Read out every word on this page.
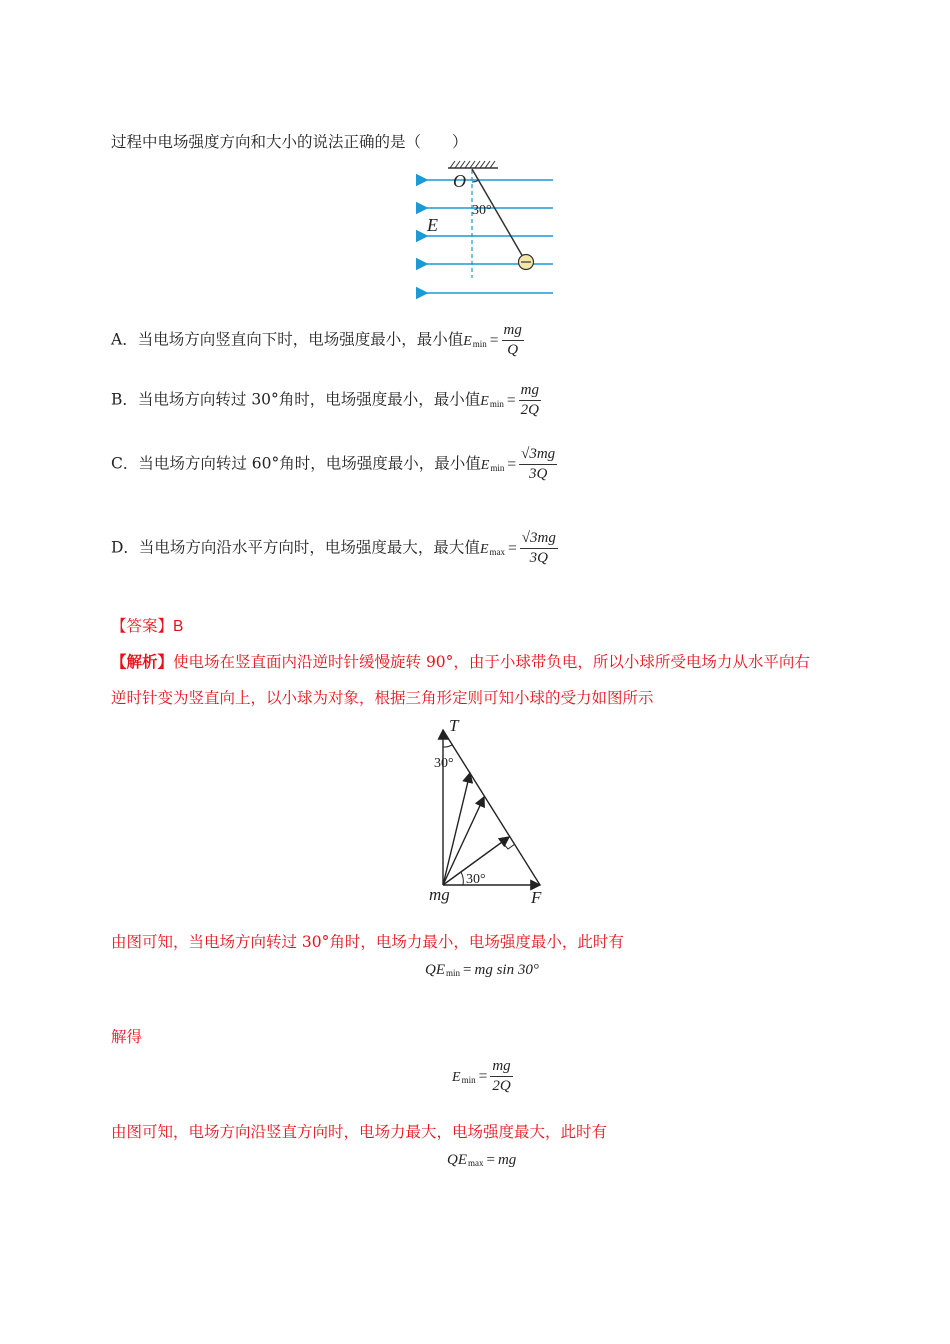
过程中电场强度方向和大小的说法正确的是（　　）
O
30°
E
A．当电场方向竖直向下时，电场强度最小，最小值$E_{min} = \frac{mg}{Q}$
B．当电场方向转过 30°角时，电场强度最小，最小值$E_{min} = \frac{mg}{2Q}$
C．当电场方向转过 60°角时，电场强度最小，最小值$E_{min} = \frac{√3mg}{3Q}$
D．当电场方向沿水平方向时，电场强度最大，最大值$E_{max} = \frac{√3mg}{3Q}$
【答案】B
【解析】使电场在竖直面内沿逆时针缓慢旋转 90°，由于小球带负电，所以小球所受电场力从水平向右
逆时针变为竖直向上，以小球为对象，根据三角形定则可知小球的受力如图所示
T
30°
30°
mg	F
由图可知，当电场方向转过 30°角时，电场力最小，电场强度最小，此时有
$QE_{min}$ = mg sin 30°
解得
$E_{min} = \frac{mg}{2Q}$
由图可知，电场方向沿竖直方向时，电场力最大，电场强度最大，此时有
$QE_{max}$ = mg
